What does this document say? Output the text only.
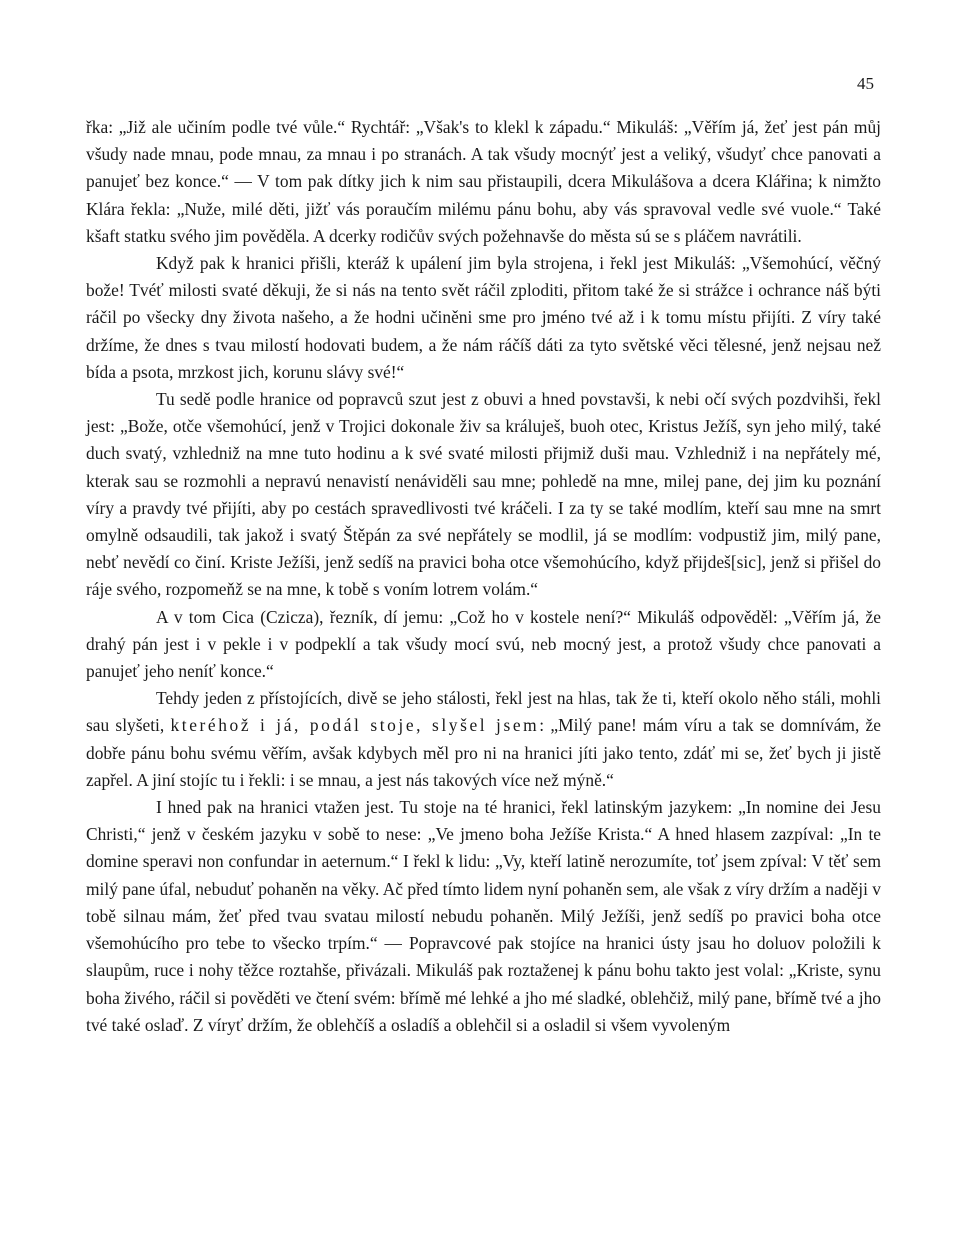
45

řka: „Již ale učiním podle tvé vůle.“ Rychtář: „Však's to klekl k západu.“ Mikuláš: „Věřím já, žeť jest pán můj všudy nade mnau, pode mnau, za mnau i po stranách. A tak všudy mocnýť jest a veliký, všudyť chce panovati a panujeť bez konce.“ — V tom pak dítky jich k nim sau přistaupili, dcera Mikulášova a dcera Klářina; k nimžto Klára řekla: „Nuže, milé děti, jižť vás poraučím milému pánu bohu, aby vás spravoval vedle své vuole.“ Také kšaft statku svého jim pověděla. A dcerky rodičův svých požehnavše do města sú se s pláčem navrátili.

Když pak k hranici přišli, kteráž k upálení jim byla strojena, i řekl jest Mikuláš: „Všemohúcí, věčný bože! Tvéť milosti svaté děkuji, že si nás na tento svět ráčil zploditi, přitom také že si strážce i ochrance náš býti ráčil po všecky dny života našeho, a že hodni učiněni sme pro jméno tvé až i k tomu místu přijíti. Z víry také držíme, že dnes s tvau milostí hodovati budem, a že nám ráčíš dáti za tyto světské věci tělesné, jenž nejsau než bída a psota, mrzkost jich, korunu slávy své!“

Tu sedě podle hranice od popravců szut jest z obuvi a hned povstavši, k nebi očí svých pozdvihši, řekl jest: „Bože, otče všemohúcí, jenž v Trojici dokonale živ sa králuješ, buoh otec, Kristus Ježíš, syn jeho milý, také duch svatý, vzhledniž na mne tuto hodinu a k své svaté milosti přijmiž duši mau. Vzhledniž i na nepřátely mé, kterak sau se rozmohli a nepravú nenavistí nenáviděli sau mne; pohledě na mne, milej pane, dej jim ku poznání víry a pravdy tvé přijíti, aby po cestách spravedlivosti tvé kráčeli. I za ty se také modlím, kteří sau mne na smrt omylně odsaudili, tak jakož i svatý Štěpán za své nepřátely se modlil, já se modlím: vodpustiž jim, milý pane, nebť nevědí co činí. Kriste Ježíši, jenž sedíš na pravici boha otce všemohúcího, když přijdeš[sic], jenž si přišel do ráje svého, rozpomeňž se na mne, k tobě s voním lotrem volám.“

A v tom Cica (Czicza), řezník, dí jemu: „Což ho v kostele není?“ Mikuláš odpověděl: „Věřím já, že drahý pán jest i v pekle i v podpeklí a tak všudy mocí svú, neb mocný jest, a protož všudy chce panovati a panujeť jeho neníť konce.“

Tehdy jeden z přístojících, divě se jeho stálosti, řekl jest na hlas, tak že ti, kteří okolo něho stáli, mohli sau slyšeti, kteréhož i já, podál stoje, slyšel jsem: „Milý pane! mám víru a tak se domnívám, že dobře pánu bohu svému věřím, avšak kdybych měl pro ni na hranici jíti jako tento, zdáť mi se, žeť bych ji jistě zapřel. A jiní stojíc tu i řekli: i se mnau, a jest nás takových více než mýně.“

I hned pak na hranici vtažen jest. Tu stoje na té hranici, řekl latinským jazykem: „In nomine dei Jesu Christi,“ jenž v českém jazyku v sobě to nese: „Ve jmeno boha Ježíše Krista.“ A hned hlasem zazpíval: „In te domine speravi non confundar in aeternum.“ I řekl k lidu: „Vy, kteří latině nerozumíte, toť jsem zpíval: V těť sem milý pane úfal, nebuduť pohaněn na věky. Ač před tímto lidem nyní pohaněn sem, ale však z víry držím a naději v tobě silnau mám, žeť před tvau svatau milostí nebudu pohaněn. Milý Ježíši, jenž sedíš po pravici boha otce všemohúcího pro tebe to všecko trpím.“ — Popravcové pak stojíce na hranici ústy jsau ho doluov položili k slaupům, ruce i nohy těžce roztahše, přivázali. Mikuláš pak roztaženej k pánu bohu takto jest volal: „Kriste, synu boha živého, ráčil si pověděti ve čtení svém: břímě mé lehké a jho mé sladké, oblehčiž, milý pane, břímě tvé a jho tvé také oslaď. Z víryť držím, že oblehčíš a osladíš a oblehčil si a osladil si všem vyvoleným
